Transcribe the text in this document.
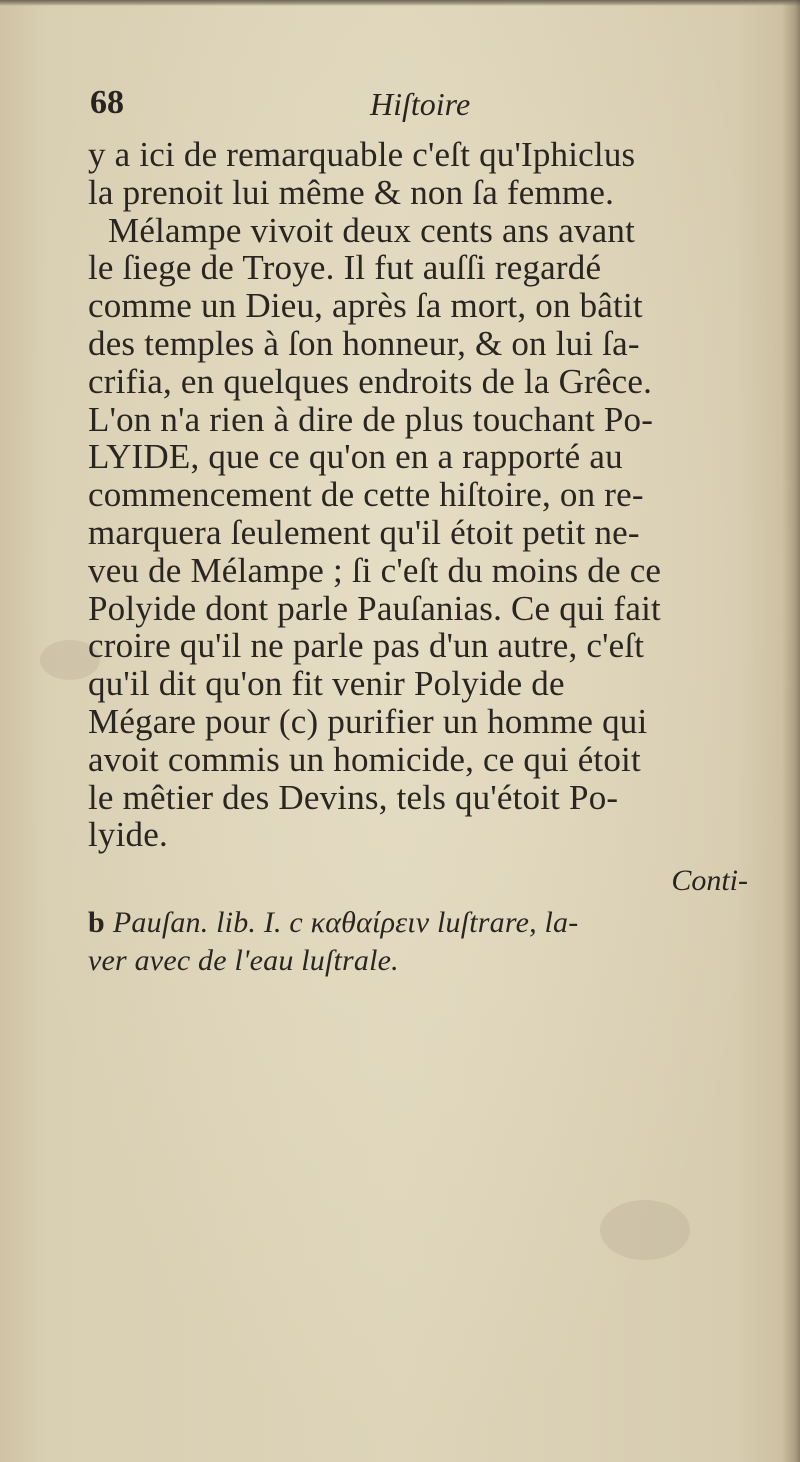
68	Hiſtoire
y a ici de remarquable c'eſt qu'Iphiclus
la prenoit lui même & non ſa femme.
Mélampe vivoit deux cents ans avant
le ſiege de Troye. Il fut auſſi regardé
comme un Dieu, après ſa mort, on bâtit
des temples à ſon honneur, & on lui ſa-
crifia, en quelques endroits de la Grêce.
L'on n'a rien à dire de plus touchant Po-
LYIDE, que ce qu'on en a rapporté au
commencement de cette hiſtoire, on re-
marquera ſeulement qu'il étoit petit ne-
veu de Mélampe ; ſi c'eſt du moins de ce
Polyide dont parle Pauſanias. Ce qui fait
croire qu'il ne parle pas d'un autre, c'eſt
qu'il dit qu'on fit venir Polyide de
Mégare pour (c) purifier un homme qui
avoit commis un homicide, ce qui étoit
le mêtier des Devins, tels qu'étoit Po-
lyide.
Conti-
b Pauſan. lib. I. c καθαίρειν luſtrare, la-
ver avec de l'eau luſtrale.
